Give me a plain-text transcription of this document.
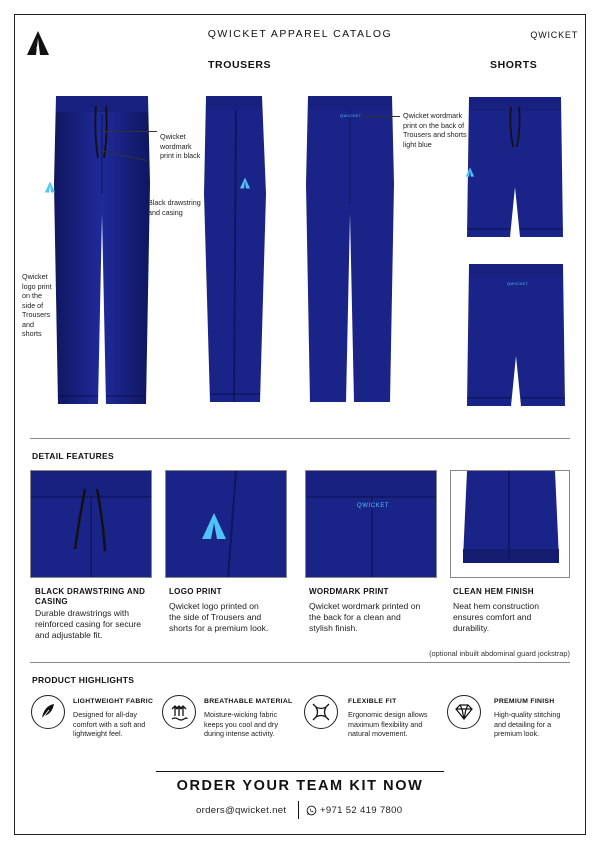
QWICKET APPAREL CATALOG	QWICKET
TROUSERS	SHORTS
Qwicket wordmark print in black
Black drawstring and casing
Qwicket logo print on the side of Trousers and shorts
QWICKET	Qwicket wordmark print on the back of Trousers and shorts light blue
QWICKET
DETAIL FEATURES
QWICKET
BLACK DRAWSTRING AND CASING
Durable drawstrings with reinforced casing for secure and adjustable fit.
LOGO PRINT
Qwicket logo printed on the side of Trousers and shorts for a premium look.
WORDMARK PRINT
Qwicket wordmark printed on the back for a clean and stylish finish.
CLEAN HEM FINISH
Neat hem construction ensures comfort and durability.
(optional inbuilt abdominal guard jockstrap)
PRODUCT HIGHLIGHTS
LIGHTWEIGHT FABRIC
Designed for all-day comfort with a soft and lightweight feel.
BREATHABLE MATERIAL
Moisture-wicking fabric keeps you cool and dry during intense activity.
FLEXIBLE FIT
Ergonomic design allows maximum flexibility and natural movement.
PREMIUM FINISH
High-quality stitching and detailing for a premium look.
ORDER YOUR TEAM KIT NOW
orders@qwicket.net	+971 52 419 7800
